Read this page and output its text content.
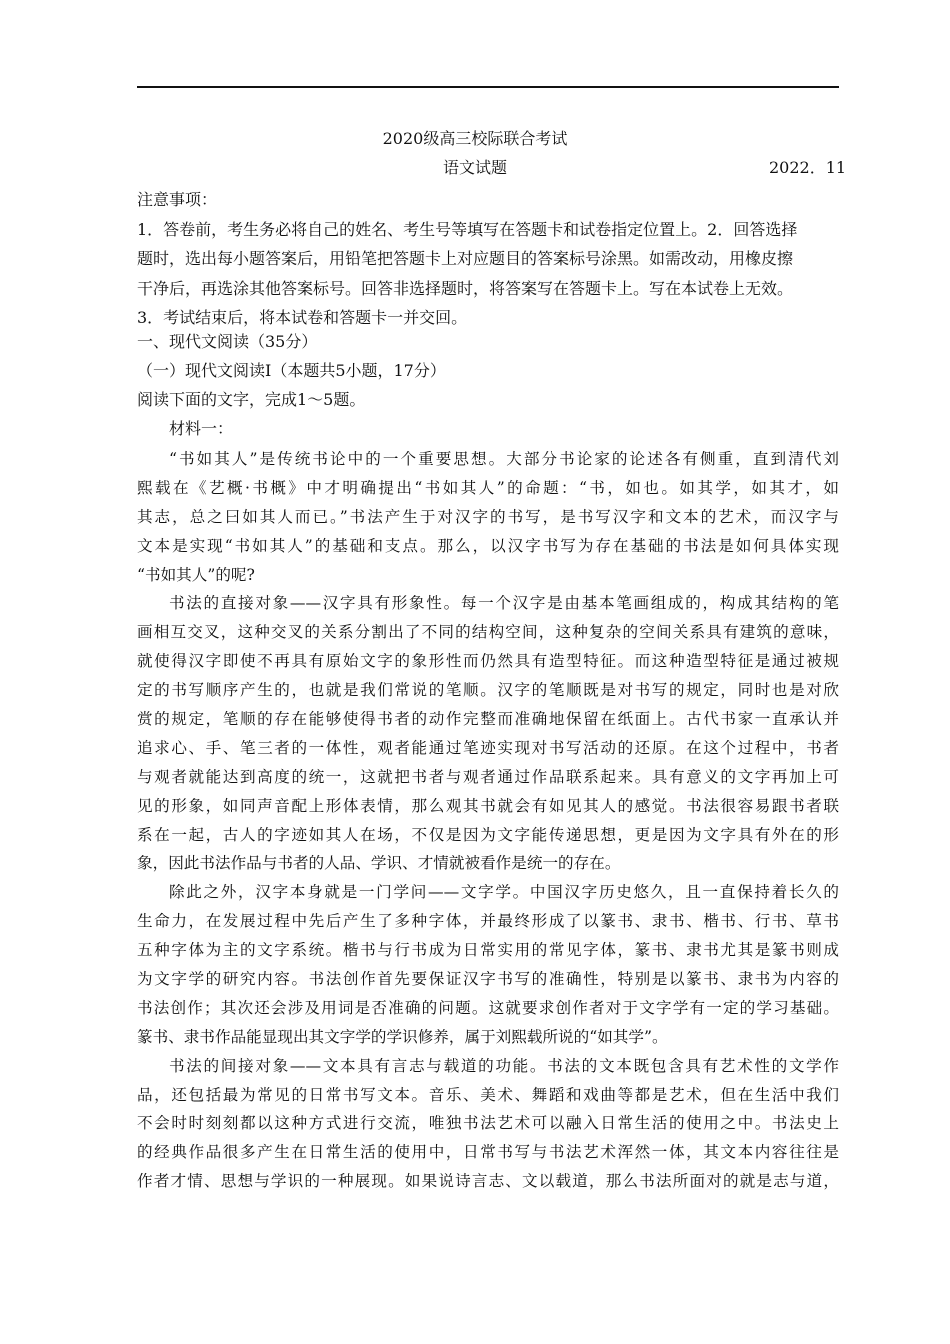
2020级高三校际联合考试
语文试题	2022．11
注意事项：
1．答卷前，考生务必将自己的姓名、考生号等填写在答题卡和试卷指定位置上。2．回答选择
题时，选出每小题答案后，用铅笔把答题卡上对应题目的答案标号涂黑。如需改动，用橡皮擦
干净后，再选涂其他答案标号。回答非选择题时，将答案写在答题卡上。写在本试卷上无效。
3．考试结束后，将本试卷和答题卡一并交回。
一、现代文阅读（35分）
（一）现代文阅读Ⅰ（本题共5小题，17分）
阅读下面的文字，完成1～5题。
材料一：
“书如其人”是传统书论中的一个重要思想。大部分书论家的论述各有侧重，直到清代刘
熙载在《艺概·书概》中才明确提出“书如其人”的命题：“书，如也。如其学，如其才，如
其志，总之曰如其人而已。”书法产生于对汉字的书写，是书写汉字和文本的艺术，而汉字与
文本是实现“书如其人”的基础和支点。那么，以汉字书写为存在基础的书法是如何具体实现
“书如其人”的呢?
书法的直接对象——汉字具有形象性。每一个汉字是由基本笔画组成的，构成其结构的笔
画相互交叉，这种交叉的关系分割出了不同的结构空间，这种复杂的空间关系具有建筑的意味，
就使得汉字即使不再具有原始文字的象形性而仍然具有造型特征。而这种造型特征是通过被规
定的书写顺序产生的，也就是我们常说的笔顺。汉字的笔顺既是对书写的规定，同时也是对欣
赏的规定，笔顺的存在能够使得书者的动作完整而准确地保留在纸面上。古代书家一直承认并
追求心、手、笔三者的一体性，观者能通过笔迹实现对书写活动的还原。在这个过程中，书者
与观者就能达到高度的统一，这就把书者与观者通过作品联系起来。具有意义的文字再加上可
见的形象，如同声音配上形体表情，那么观其书就会有如见其人的感觉。书法很容易跟书者联
系在一起，古人的字迹如其人在场，不仅是因为文字能传递思想，更是因为文字具有外在的形
象，因此书法作品与书者的人品、学识、才情就被看作是统一的存在。
除此之外，汉字本身就是一门学问——文字学。中国汉字历史悠久，且一直保持着长久的
生命力，在发展过程中先后产生了多种字体，并最终形成了以篆书、隶书、楷书、行书、草书
五种字体为主的文字系统。楷书与行书成为日常实用的常见字体，篆书、隶书尤其是篆书则成
为文字学的研究内容。书法创作首先要保证汉字书写的准确性，特别是以篆书、隶书为内容的
书法创作；其次还会涉及用词是否准确的问题。这就要求创作者对于文字学有一定的学习基础。
篆书、隶书作品能显现出其文字学的学识修养，属于刘熙载所说的“如其学”。
书法的间接对象——文本具有言志与载道的功能。书法的文本既包含具有艺术性的文学作
品，还包括最为常见的日常书写文本。音乐、美术、舞蹈和戏曲等都是艺术，但在生活中我们
不会时时刻刻都以这种方式进行交流，唯独书法艺术可以融入日常生活的使用之中。书法史上
的经典作品很多产生在日常生活的使用中，日常书写与书法艺术浑然一体，其文本内容往往是
作者才情、思想与学识的一种展现。如果说诗言志、文以载道，那么书法所面对的就是志与道，
